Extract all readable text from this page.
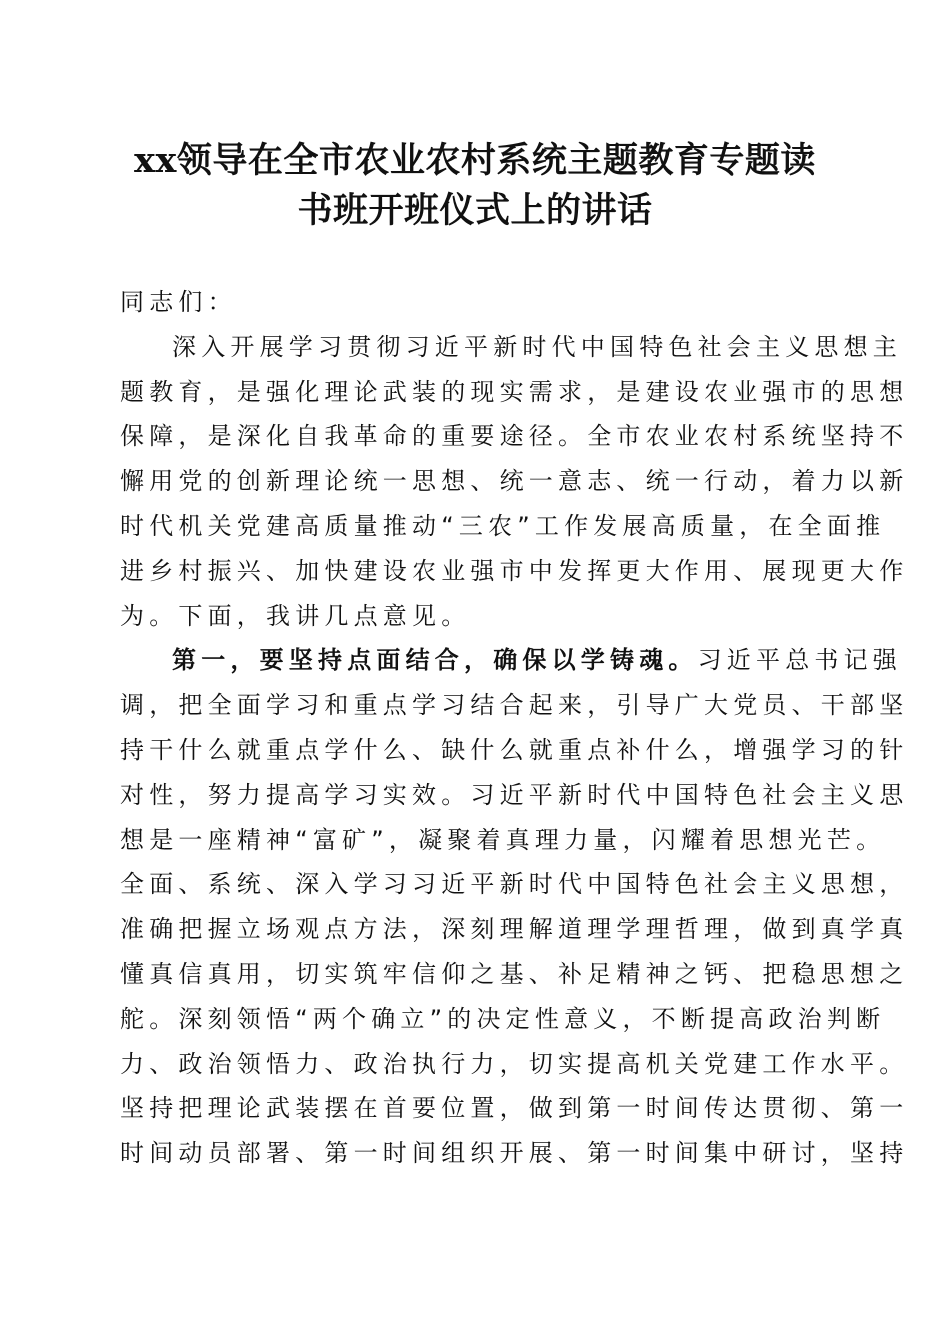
xx领导在全市农业农村系统主题教育专题读
书班开班仪式上的讲话

同志们：

深入开展学习贯彻习近平新时代中国特色社会主义思想主
题教育，是强化理论武装的现实需求，是建设农业强市的思想
保障，是深化自我革命的重要途径。全市农业农村系统坚持不
懈用党的创新理论统一思想、统一意志、统一行动，着力以新
时代机关党建高质量推动“三农”工作发展高质量，在全面推
进乡村振兴、加快建设农业强市中发挥更大作用、展现更大作
为。下面，我讲几点意见。

第一，要坚持点面结合，确保以学铸魂。习近平总书记强
调，把全面学习和重点学习结合起来，引导广大党员、干部坚
持干什么就重点学什么、缺什么就重点补什么，增强学习的针
对性，努力提高学习实效。习近平新时代中国特色社会主义思
想是一座精神“富矿”，凝聚着真理力量，闪耀着思想光芒。
全面、系统、深入学习习近平新时代中国特色社会主义思想，
准确把握立场观点方法，深刻理解道理学理哲理，做到真学真
懂真信真用，切实筑牢信仰之基、补足精神之钙、把稳思想之
舵。深刻领悟“两个确立”的决定性意义，不断提高政治判断
力、政治领悟力、政治执行力，切实提高机关党建工作水平。
坚持把理论武装摆在首要位置，做到第一时间传达贯彻、第一
时间动员部署、第一时间组织开展、第一时间集中研讨，坚持
